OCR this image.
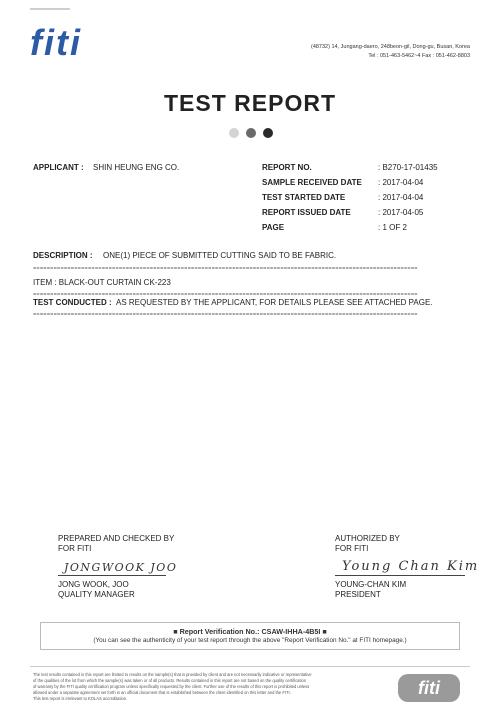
fiti	(48732) 14, Jungang-daero, 248beon-gil, Dong-gu, Busan, Korea
Tel : 051-463-5462~4 Fax : 051-462-8803
TEST REPORT
APPLICANT : SHIN HEUNG ENG CO.	REPORT NO.	: B270-17-01435
SAMPLE RECEIVED DATE : 2017-04-04
TEST STARTED DATE	: 2017-04-04
REPORT ISSUED DATE	: 2017-04-05
PAGE	: 1 OF 2
DESCRIPTION : ONE(1) PIECE OF SUBMITTED CUTTING SAID TO BE FABRIC.
================================================================================================================
ITEM : BLACK-OUT CURTAIN CK-223
================================================================================================================
TEST CONDUCTED : AS REQUESTED BY THE APPLICANT, FOR DETAILS PLEASE SEE ATTACHED PAGE.
================================================================================================================
PREPARED AND CHECKED BY
FOR FITI
JONGWOOK JOO
JONG WOOK, JOO
QUALITY MANAGER
AUTHORIZED BY
FOR FITI
Young Chan Kim
YOUNG-CHAN KIM
PRESIDENT
■ Report Verification No.: CSAW-IHHA-4B5I ■
(You can see the authenticity of your test report through the above "Report Verification No." at FITI homepage.)
The test results contained in this report are limited to results on the sample(s) that is provided by client and are not necessarily indicative or representative
of the qualities of the lot from which the sample(s) was taken or of all products. Results contained in this report are not based on the quality certification
of warranty by the FITI quality certification program unless specifically requested by the client. Further use of the results of this report is prohibited unless
allowed under a separate agreement set forth in an official document that is established between the client identified on this letter and the FITI.
This test report is irrelevant to KOLAS accreditation.
fiti
